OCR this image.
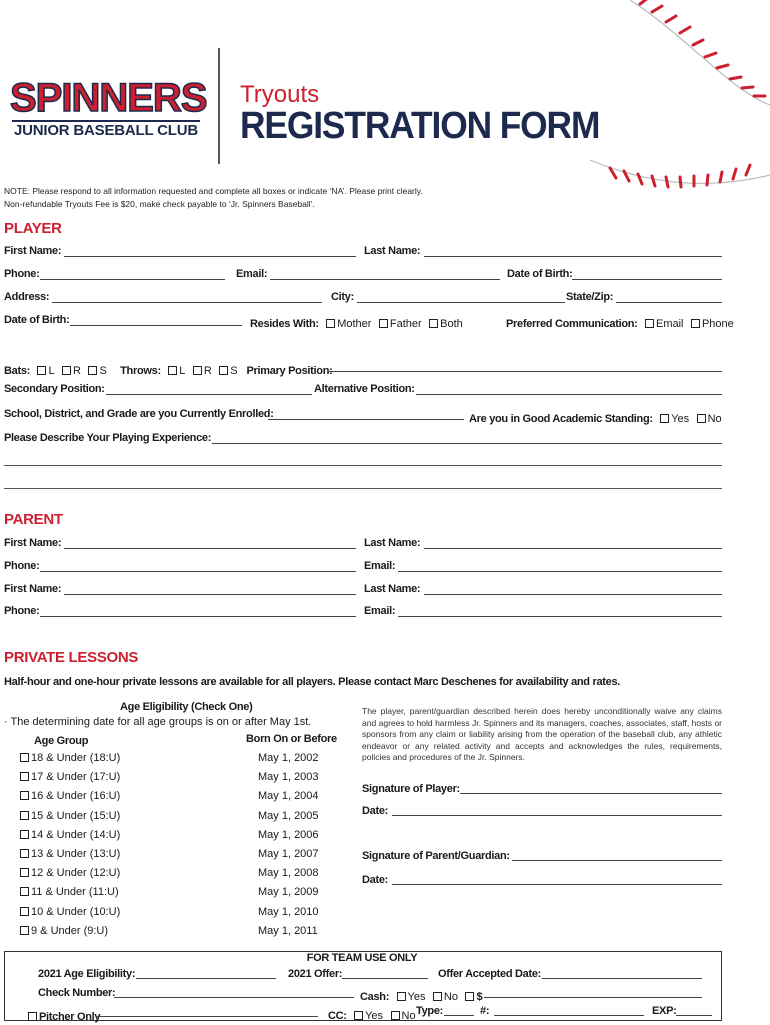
SPINNERS
JUNIOR BASEBALL CLUB
Tryouts
REGISTRATION FORM
NOTE: Please respond to all information requested and complete all boxes or indicate ‘NA’. Please print clearly.
Non-refundable Tryouts Fee is $20, make check payable to ‘Jr. Spinners Baseball’.
PLAYER
First Name:	Last Name:
Phone:	Email:	Date of Birth:
Address:	City:	State/Zip:
Date of Birth:	Resides With: Mother Father Both	Preferred Communication: Email Phone
Bats: L R S Throws: L R S Primary Position:
Secondary Position:	Alternative Position:
School, District, and Grade are you Currently Enrolled:	Are you in Good Academic Standing: Yes No
Please Describe Your Playing Experience:
PARENT
First Name:	Last Name:
Phone:	Email:
First Name:	Last Name:
Phone:	Email:
PRIVATE LESSONS
Half-hour and one-hour private lessons are available for all players. Please contact Marc Deschenes for availability and rates.
Age Eligibility (Check One)
· The determining date for all age groups is on or after May 1st.
Age Group	Born On or Before
18 & Under (18:U)	May 1, 2002
17 & Under (17:U)	May 1, 2003
16 & Under (16:U)	May 1, 2004
15 & Under (15:U)	May 1, 2005
14 & Under (14:U)	May 1, 2006
13 & Under (13:U)	May 1, 2007
12 & Under (12:U)	May 1, 2008
11 & Under (11:U)	May 1, 2009
10 & Under (10:U)	May 1, 2010
9 & Under (9:U)	May 1, 2011
The player, parent/guardian described herein does hereby unconditionally waive any claims and agrees to hold harmless Jr. Spinners and its managers, coaches, associates, staff, hosts or sponsors from any claim or liability arising from the operation of the baseball club, any athletic endeavor or any related activity and accepts and acknowledges the rules, requirements, policies and procedures of the Jr. Spinners.
Signature of Player:
Date:
Signature of Parent/Guardian:
Date:
FOR TEAM USE ONLY
2021 Age Eligibility:	2021 Offer:	Offer Accepted Date:
Check Number:	Cash: Yes No $
Pitcher Only	CC: Yes No Type:	#:	EXP:
